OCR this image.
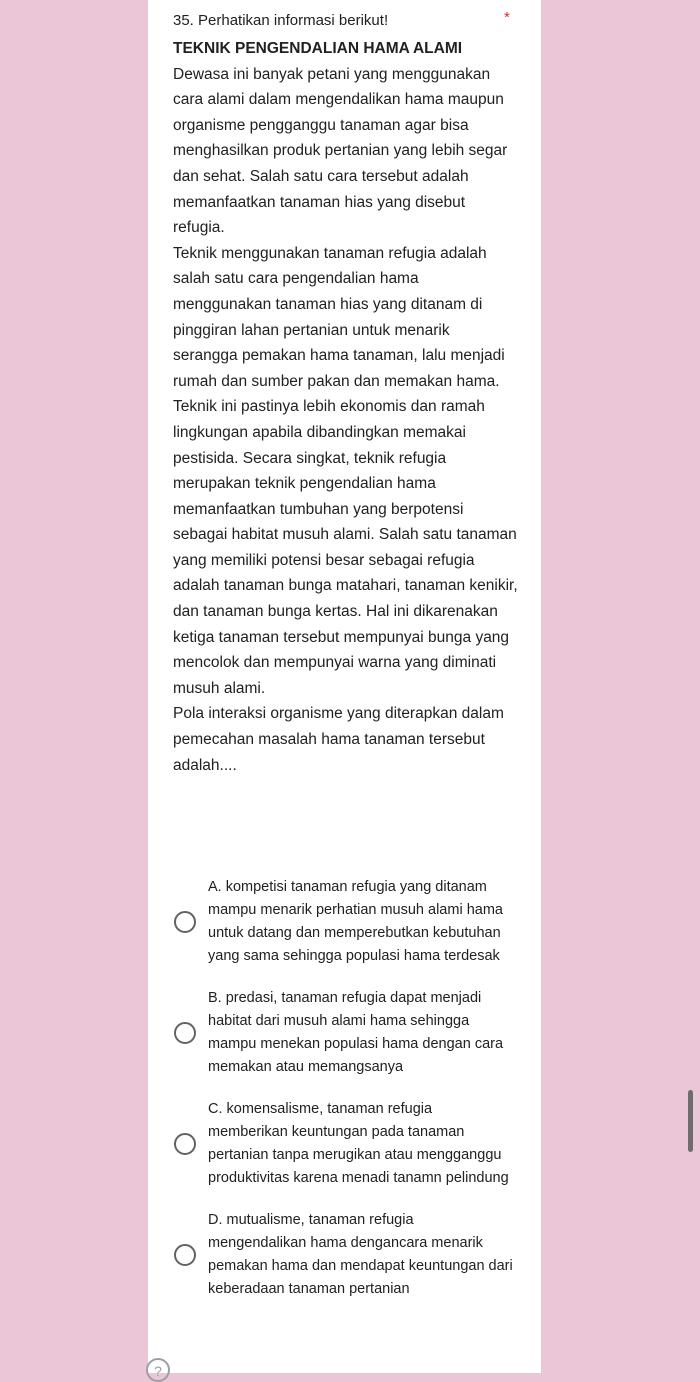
35. Perhatikan informasi berikut!	*

TEKNIK PENGENDALIAN HAMA ALAMI

Dewasa ini banyak petani yang menggunakan cara alami dalam mengendalikan hama maupun organisme pengganggu tanaman agar bisa menghasilkan produk pertanian yang lebih segar dan sehat. Salah satu cara tersebut adalah memanfaatkan tanaman hias yang disebut refugia.

Teknik menggunakan tanaman refugia adalah salah satu cara pengendalian hama menggunakan tanaman hias yang ditanam di pinggiran lahan pertanian untuk menarik serangga pemakan hama tanaman, lalu menjadi rumah dan sumber pakan dan memakan hama. Teknik ini pastinya lebih ekonomis dan ramah lingkungan apabila dibandingkan memakai pestisida. Secara singkat, teknik refugia merupakan teknik pengendalian hama memanfaatkan tumbuhan yang berpotensi sebagai habitat musuh alami. Salah satu tanaman yang memiliki potensi besar sebagai refugia adalah tanaman bunga matahari, tanaman kenikir, dan tanaman bunga kertas. Hal ini dikarenakan ketiga tanaman tersebut mempunyai bunga yang mencolok dan mempunyai warna yang diminati musuh alami.

Pola interaksi organisme yang diterapkan dalam pemecahan masalah hama tanaman tersebut adalah....

A. kompetisi tanaman refugia yang ditanam mampu menarik perhatian musuh alami hama untuk datang dan memperebutkan kebutuhan yang sama sehingga populasi hama terdesak
B. predasi, tanaman refugia dapat menjadi habitat dari musuh alami hama sehingga mampu menekan populasi hama dengan cara memakan atau memangsanya
C. komensalisme, tanaman refugia memberikan keuntungan pada tanaman pertanian tanpa merugikan atau mengganggu produktivitas karena menadi tanamn pelindung
D. mutualisme, tanaman refugia mengendalikan hama dengancara menarik pemakan hama dan mendapat keuntungan dari keberadaan tanaman pertanian
?
